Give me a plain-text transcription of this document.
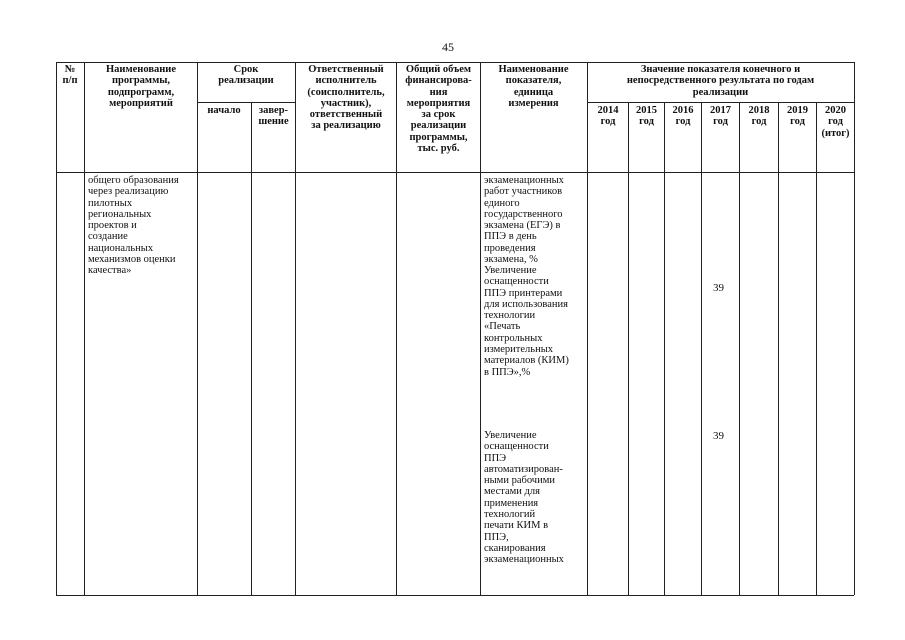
45
№
п/п
Наименование
программы,
подпрограмм,
мероприятий
Срок
реализации
начало	завер-
шение
Ответственный
исполнитель
(соисполнитель,
участник),
ответственный
за реализацию
Общий объем
финансирова-
ния
мероприятия
за срок
реализации
программы,
тыс. руб.
Наименование
показателя,
единица
измерения
Значение показателя конечного и
непосредственного результата по годам
реализации
2014
год
2015
год
2016
год
2017
год
2018
год
2019
год
2020
год
(итог)
общего образования
через реализацию
пилотных
региональных
проектов и
создание
национальных
механизмов оценки
качества»
экзаменационных
работ участников
единого
государственного
экзамена (ЕГЭ) в
ППЭ в день
проведения
экзамена, %
Увеличение
оснащенности
ППЭ принтерами
для использования
технологии
«Печать
контрольных
измерительных
материалов (КИМ)
в ППЭ»,%
39
Увеличение
оснащенности
ППЭ
автоматизирован-
ными рабочими
местами для
применения
технологий
печати КИМ в
ППЭ,
сканирования
экзаменационных
39
